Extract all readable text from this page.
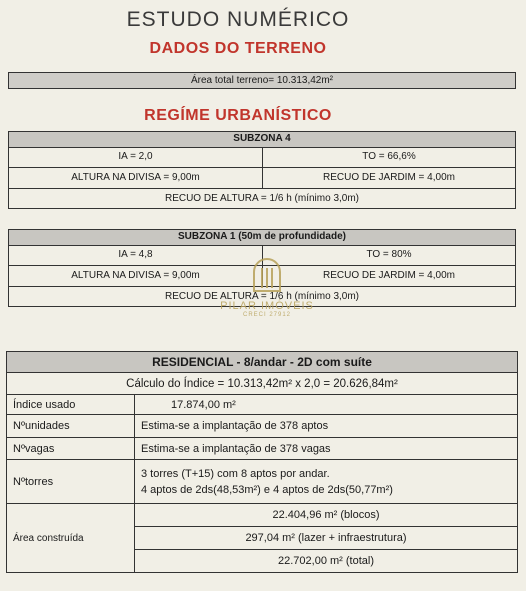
ESTUDO NUMÉRICO
DADOS DO TERRENO
Área total terreno= 10.313,42m²
REGÍME URBANÍSTICO
SUBZONA 4
IA = 2,0	TO = 66,6%
ALTURA NA DIVISA = 9,00m	RECUO DE JARDIM = 4,00m
RECUO DE ALTURA = 1/6 h (mínimo 3,0m)
SUBZONA 1 (50m de profundidade)
IA = 4,8	TO = 80%
ALTURA NA DIVISA = 9,00m	RECUO DE JARDIM = 4,00m
RECUO DE ALTURA = 1/6 h (mínimo 3,0m)
PILAR IMÓVEIS
CRECI 27912
RESIDENCIAL - 8/andar - 2D com suíte	
Cálculo do Índice = 10.313,42m² x 2,0 = 20.626,84m²	
Índice usado	17.874,00 m²
Nºunidades	Estima-se a implantação de 378 aptos
Nºvagas	Estima-se a implantação de 378 vagas
Nºtorres	3 torres (T+15) com 8 aptos por andar.
4 aptos de 2ds(48,53m²) e 4 aptos de 2ds(50,77m²)

Área construída	22.404,96 m² (blocos)
	297,04 m² (lazer + infraestrutura)
	22.702,00 m² (total)
